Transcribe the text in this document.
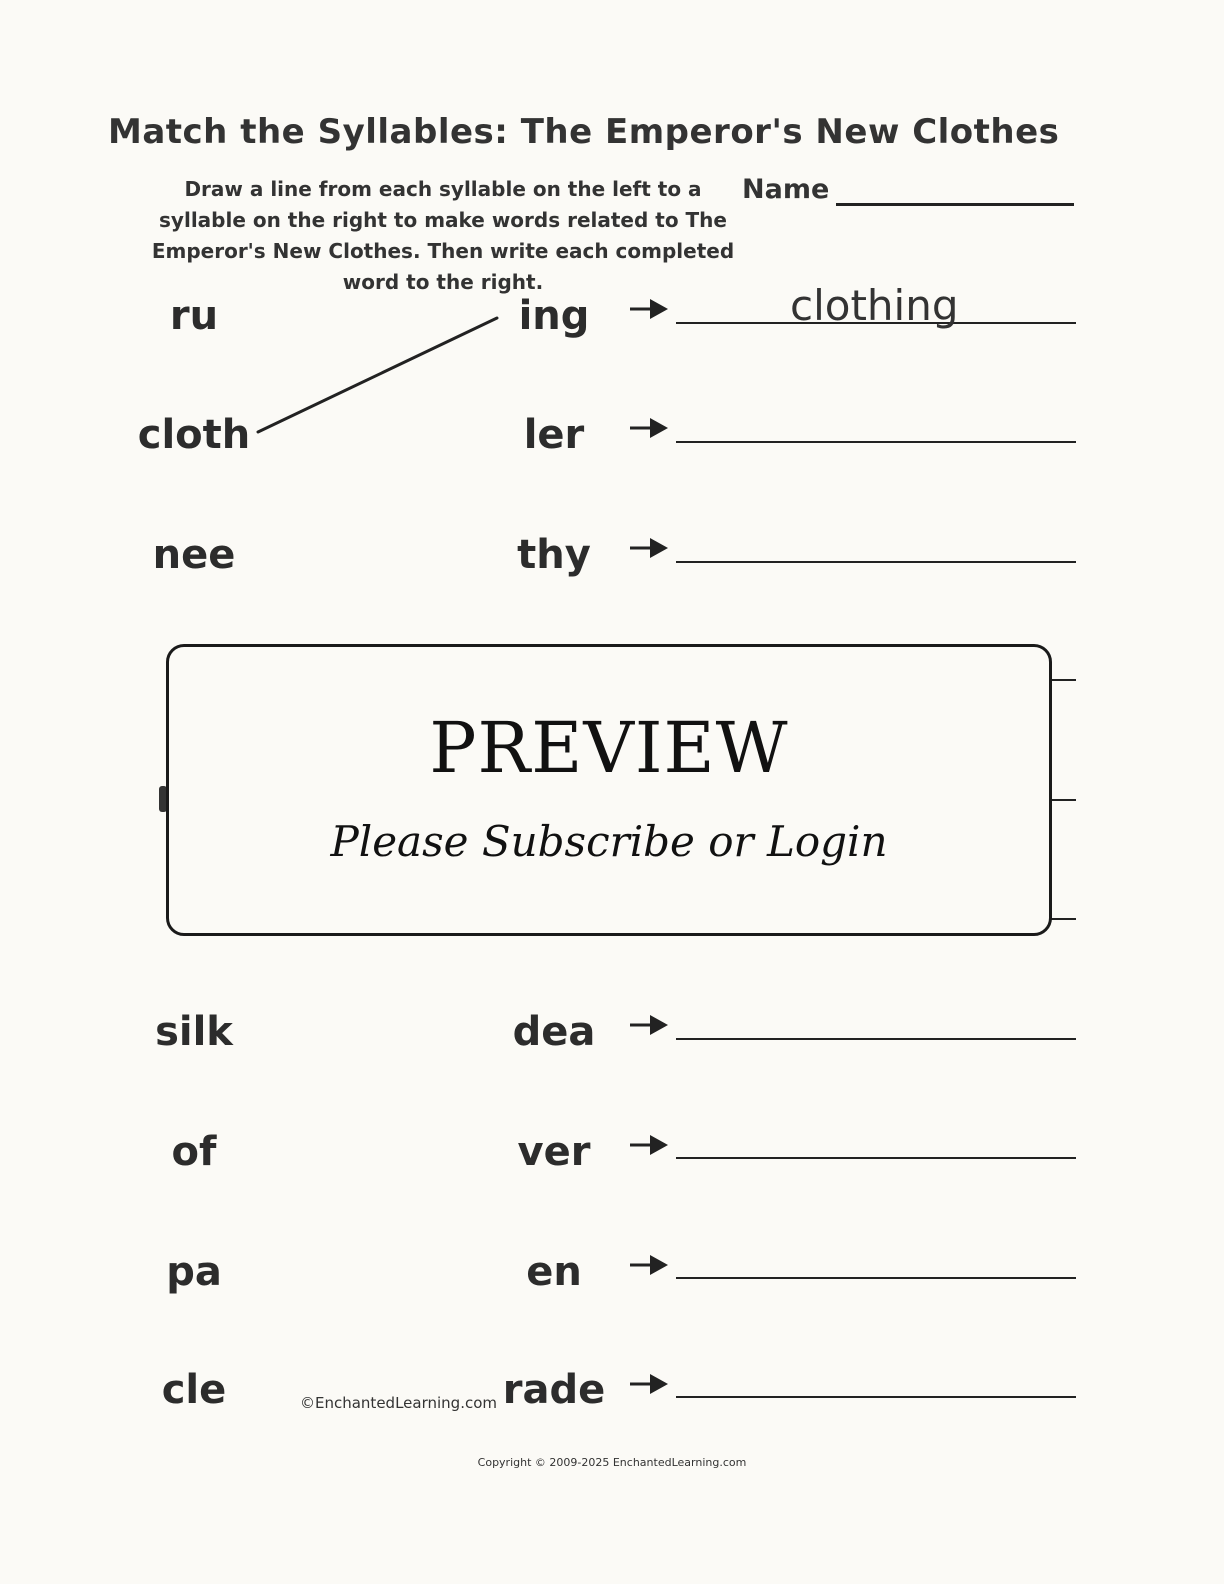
Match the Syllables: The Emperor's New Clothes
Draw a line from each syllable on the left to a syllable on the right to make words related to The Emperor's New Clothes. Then write each completed word to the right.
Name
ru	ing	clothing
cloth	ler
nee	thy
silk	dea
of	ver
pa	en
cle	rade
©EnchantedLearning.com
Copyright © 2009-2025 EnchantedLearning.com
PREVIEW
Please Subscribe or Login
